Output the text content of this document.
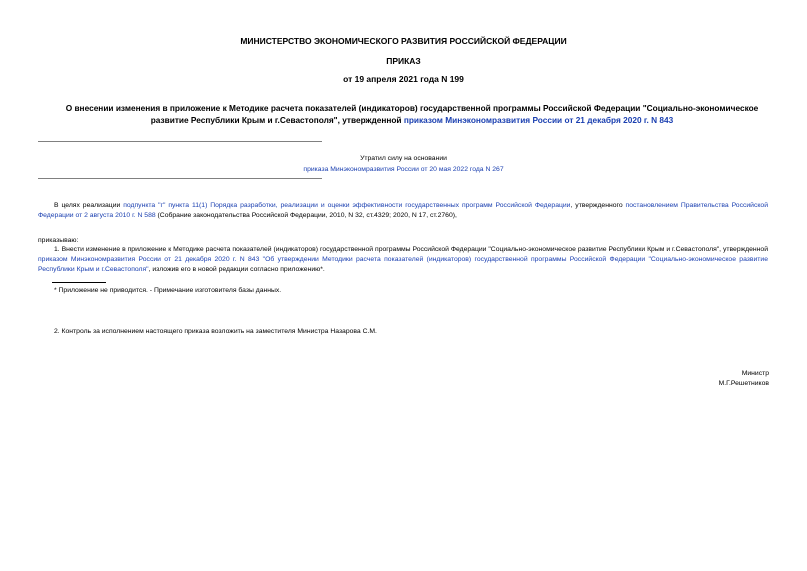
МИНИСТЕРСТВО ЭКОНОМИЧЕСКОГО РАЗВИТИЯ РОССИЙСКОЙ ФЕДЕРАЦИИ
ПРИКАЗ
от 19 апреля 2021 года N 199
О внесении изменения в приложение к Методике расчета показателей (индикаторов) государственной программы Российской Федерации "Социально-экономическое развитие Республики Крым и г.Севастополя", утвержденной приказом Минэкономразвития России от 21 декабря 2020 г. N 843
Утратил силу на основании
приказа Минэкономразвития России от 20 мая 2022 года N 267
В целях реализации подпункта "г" пункта 11(1) Порядка разработки, реализации и оценки эффективности государственных программ Российской Федерации, утвержденного постановлением Правительства Российской Федерации от 2 августа 2010 г. N 588 (Собрание законодательства Российской Федерации, 2010, N 32, ст.4329; 2020, N 17, ст.2760),
приказываю:
1. Внести изменение в приложение к Методике расчета показателей (индикаторов) государственной программы Российской Федерации "Социально-экономическое развитие Республики Крым и г.Севастополя", утвержденной приказом Минэкономразвития России от 21 декабря 2020 г. N 843 "Об утверждении Методики расчета показателей (индикаторов) государственной программы Российской Федерации "Социально-экономическое развитие Республики Крым и г.Севастополя", изложив его в новой редакции согласно приложению*.
* Приложение не приводится. - Примечание изготовителя базы данных.
2. Контроль за исполнением настоящего приказа возложить на заместителя Министра Назарова С.М.
Министр
М.Г.Решетников
